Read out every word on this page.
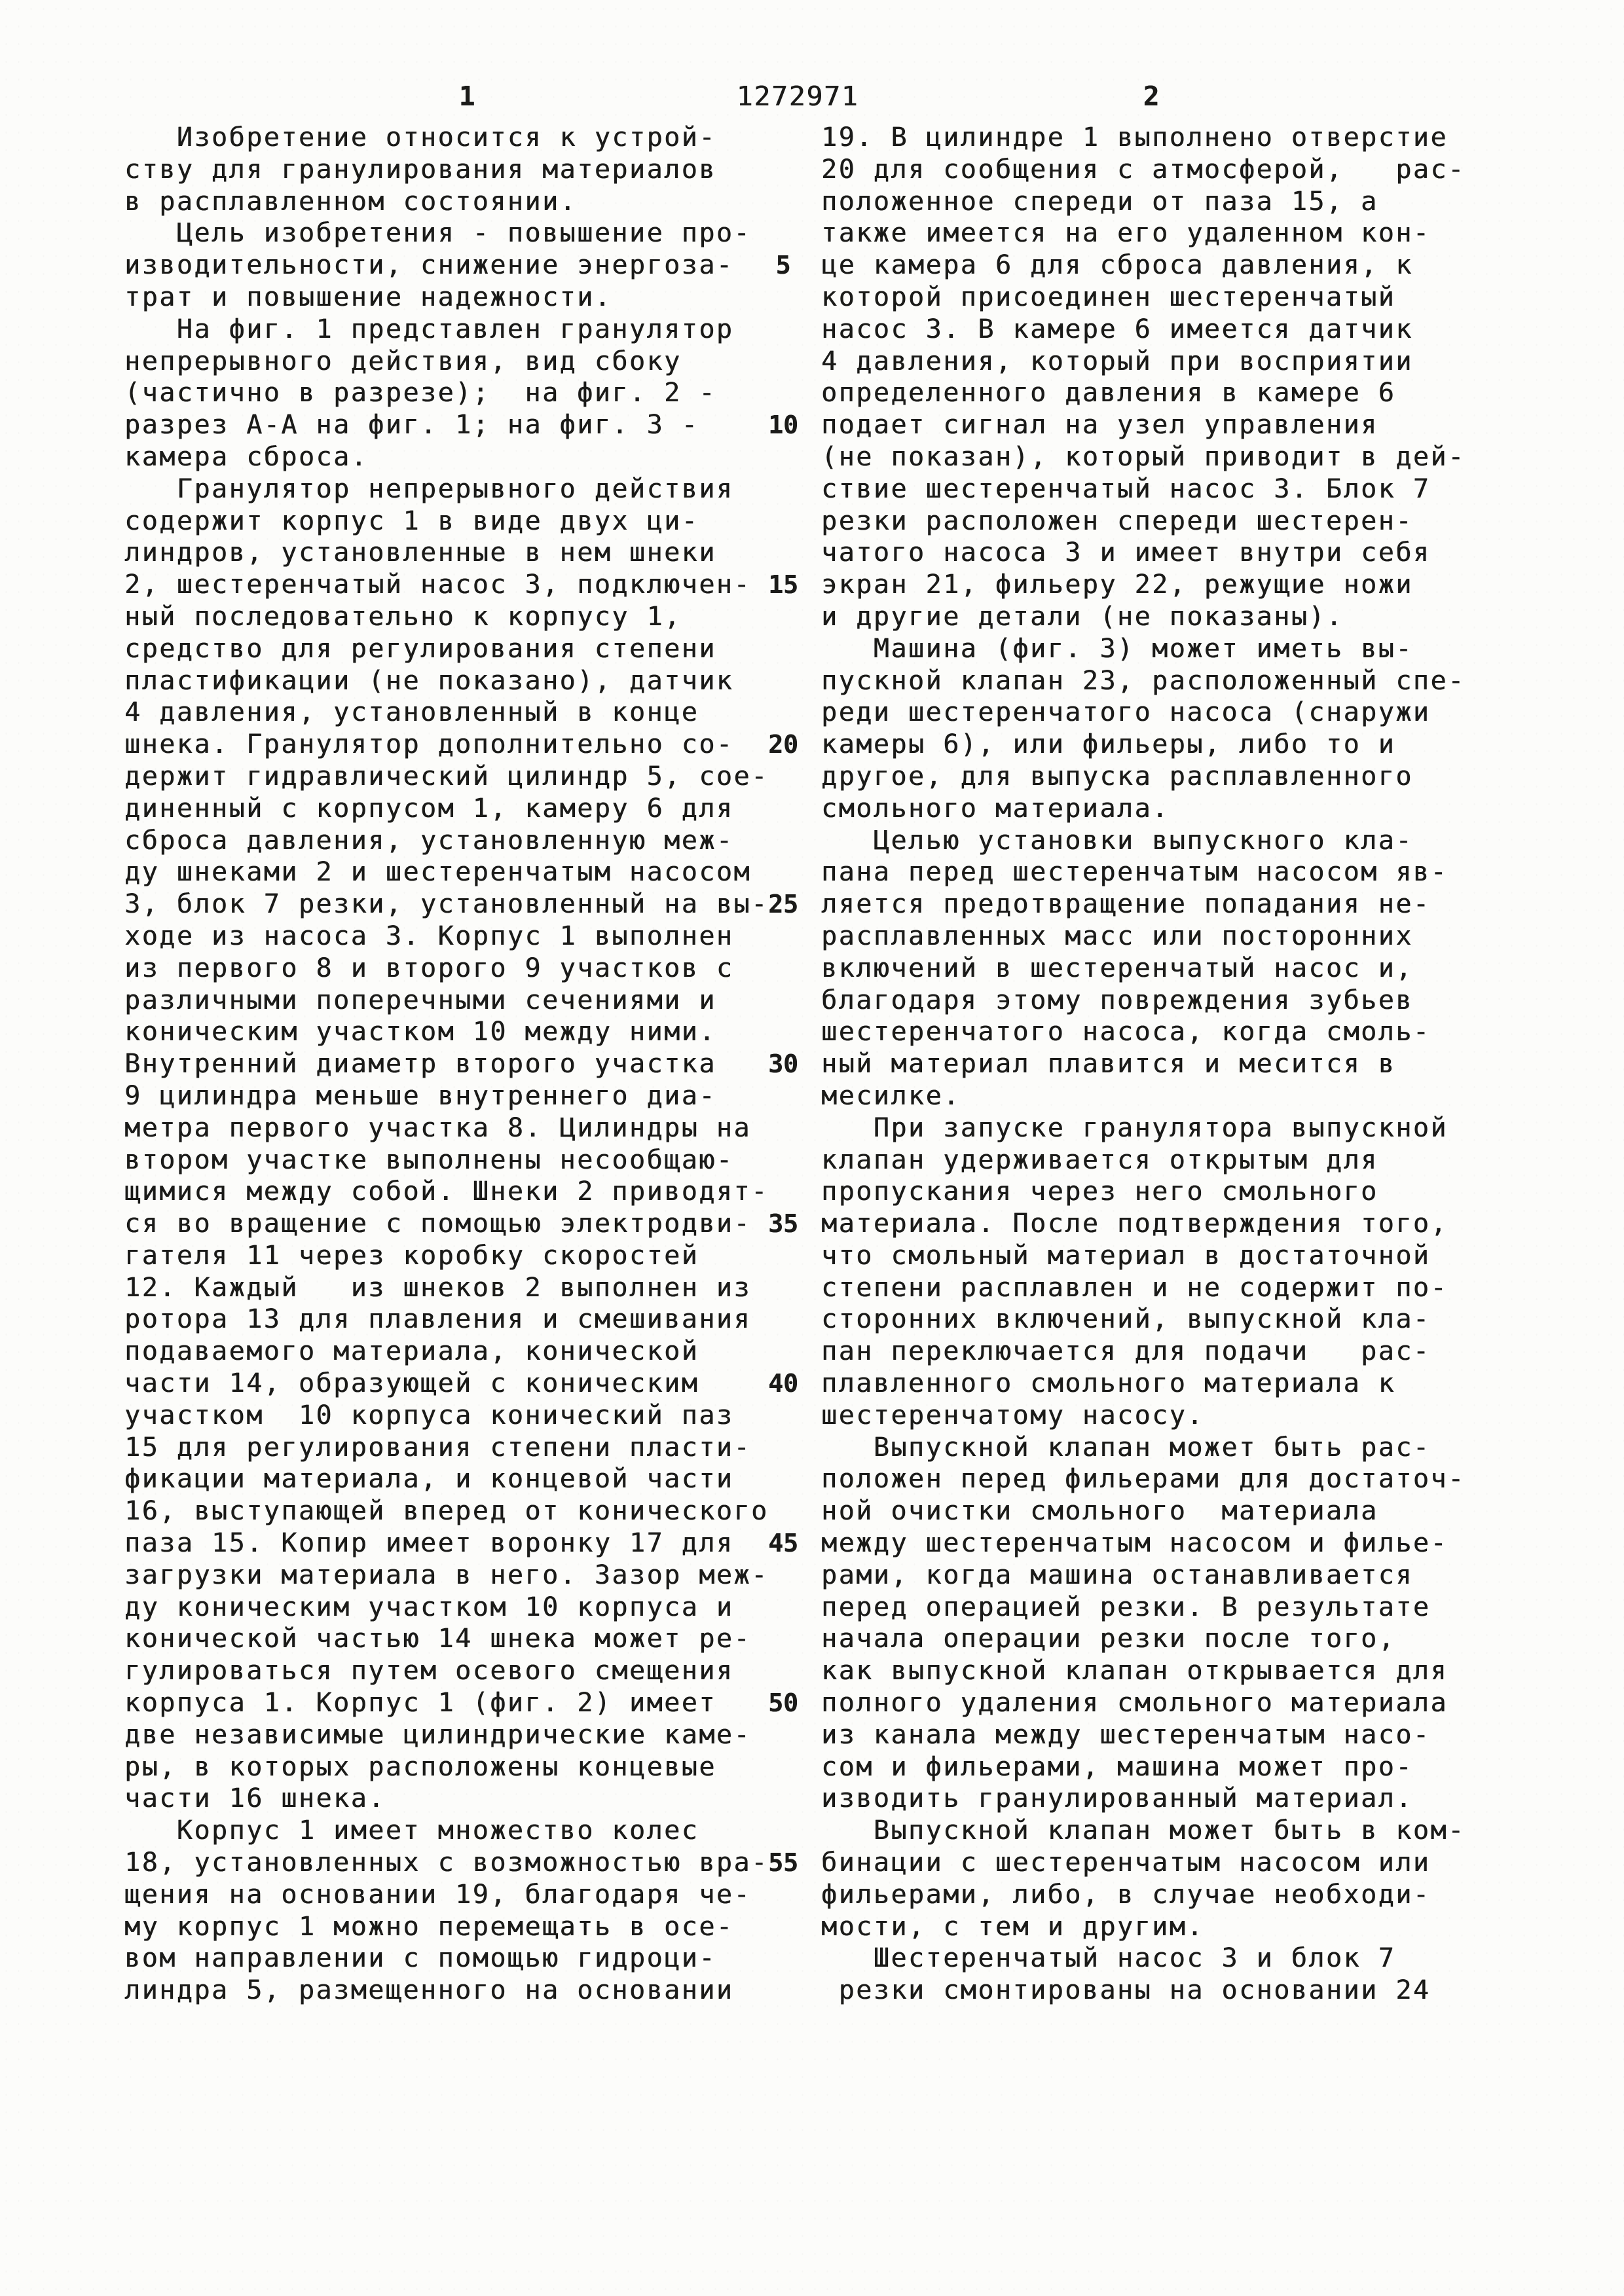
1	1272971	2
Изобретение относится к устрой-
ству для гранулирования материалов
в расплавленном состоянии.
Цель изобретения - повышение про-
изводительности, снижение энергоза-
трат и повышение надежности.
На фиг. 1 представлен гранулятор
непрерывного действия, вид сбоку
(частично в разрезе);  на фиг. 2 -
разрез А-А на фиг. 1; на фиг. 3 -
камера сброса.
Гранулятор непрерывного действия
содержит корпус 1 в виде двух ци-
линдров, установленные в нем шнеки
2, шестеренчатый насос 3, подключен-
ный последовательно к корпусу 1,
средство для регулирования степени
пластификации (не показано), датчик
4 давления, установленный в конце
шнека. Гранулятор дополнительно со-
держит гидравлический цилиндр 5, сое-
диненный с корпусом 1, камеру 6 для
сброса давления, установленную меж-
ду шнеками 2 и шестеренчатым насосом
3, блок 7 резки, установленный на вы-
ходе из насоса 3. Корпус 1 выполнен
из первого 8 и второго 9 участков с
различными поперечными сечениями и
коническим участком 10 между ними.
Внутренний диаметр второго участка
9 цилиндра меньше внутреннего диа-
метра первого участка 8. Цилиндры на
втором участке выполнены несообщаю-
щимися между собой. Шнеки 2 приводят-
ся во вращение с помощью электродви-
гателя 11 через коробку скоростей
12. Каждый   из шнеков 2 выполнен из
ротора 13 для плавления и смешивания
подаваемого материала, конической
части 14, образующей с коническим
участком  10 корпуса конический паз
15 для регулирования степени пласти-
фикации материала, и концевой части
16, выступающей вперед от конического
паза 15. Копир имеет воронку 17 для
загрузки материала в него. Зазор меж-
ду коническим участком 10 корпуса и
конической частью 14 шнека может ре-
гулироваться путем осевого смещения
корпуса 1. Корпус 1 (фиг. 2) имеет
две независимые цилиндрические каме-
ры, в которых расположены концевые
части 16 шнека.
Корпус 1 имеет множество колес
18, установленных с возможностью вра-
щения на основании 19, благодаря че-
му корпус 1 можно перемещать в осе-
вом направлении с помощью гидроци-
линдра 5, размещенного на основании
5
10
15
20
25
30
35
40
45
50
55
19. В цилиндре 1 выполнено отверстие
20 для сообщения с атмосферой,   рас-
положенное спереди от паза 15, а
также имеется на его удаленном кон-
це камера 6 для сброса давления, к
которой присоединен шестеренчатый
насос 3. В камере 6 имеется датчик
4 давления, который при восприятии
определенного давления в камере 6
подает сигнал на узел управления
(не показан), который приводит в дей-
ствие шестеренчатый насос 3. Блок 7
резки расположен спереди шестерен-
чатого насоса 3 и имеет внутри себя
экран 21, фильеру 22, режущие ножи
и другие детали (не показаны).
Машина (фиг. 3) может иметь вы-
пускной клапан 23, расположенный спе-
реди шестеренчатого насоса (снаружи
камеры 6), или фильеры, либо то и
другое, для выпуска расплавленного
смольного материала.
Целью установки выпускного кла-
пана перед шестеренчатым насосом яв-
ляется предотвращение попадания не-
расплавленных масс или посторонних
включений в шестеренчатый насос и,
благодаря этому повреждения зубьев
шестеренчатого насоса, когда смоль-
ный материал плавится и месится в
месилке.
При запуске гранулятора выпускной
клапан удерживается открытым для
пропускания через него смольного
материала. После подтверждения того,
что смольный материал в достаточной
степени расплавлен и не содержит по-
сторонних включений, выпускной кла-
пан переключается для подачи   рас-
плавленного смольного материала к
шестеренчатому насосу.
Выпускной клапан может быть рас-
положен перед фильерами для достаточ-
ной очистки смольного  материала
между шестеренчатым насосом и филье-
рами, когда машина останавливается
перед операцией резки. В результате
начала операции резки после того,
как выпускной клапан открывается для
полного удаления смольного материала
из канала между шестеренчатым насо-
сом и фильерами, машина может про-
изводить гранулированный материал.
Выпускной клапан может быть в ком-
бинации с шестеренчатым насосом или
фильерами, либо, в случае необходи-
мости, с тем и другим.
Шестеренчатый насос 3 и блок 7
резки смонтированы на основании 24
